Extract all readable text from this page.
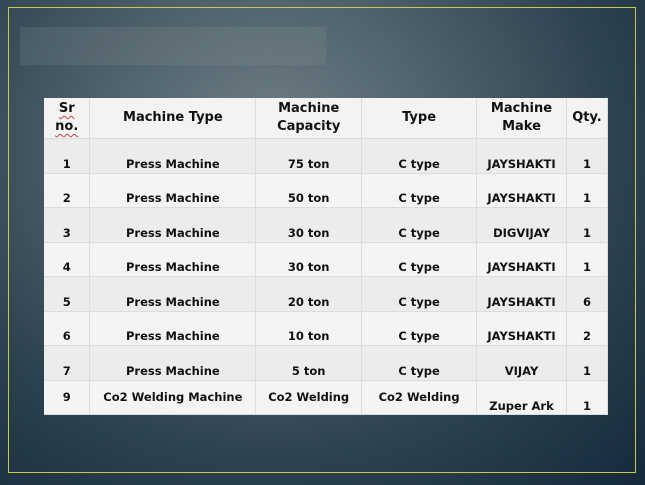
Sr no.	Machine Type	Machine Capacity	Type	Machine Make	Qty.
1	Press Machine	75 ton	C type	JAYSHAKTI	1
2	Press Machine	50 ton	C type	JAYSHAKTI	1
3	Press Machine	30 ton	C type	DIGVIJAY	1
4	Press Machine	30 ton	C type	JAYSHAKTI	1
5	Press Machine	20 ton	C type	JAYSHAKTI	6
6	Press Machine	10 ton	C type	JAYSHAKTI	2
7	Press Machine	5 ton	C type	VIJAY	1
9	Co2 Welding Machine	Co2 Welding	Co2 Welding	Zuper Ark	1
